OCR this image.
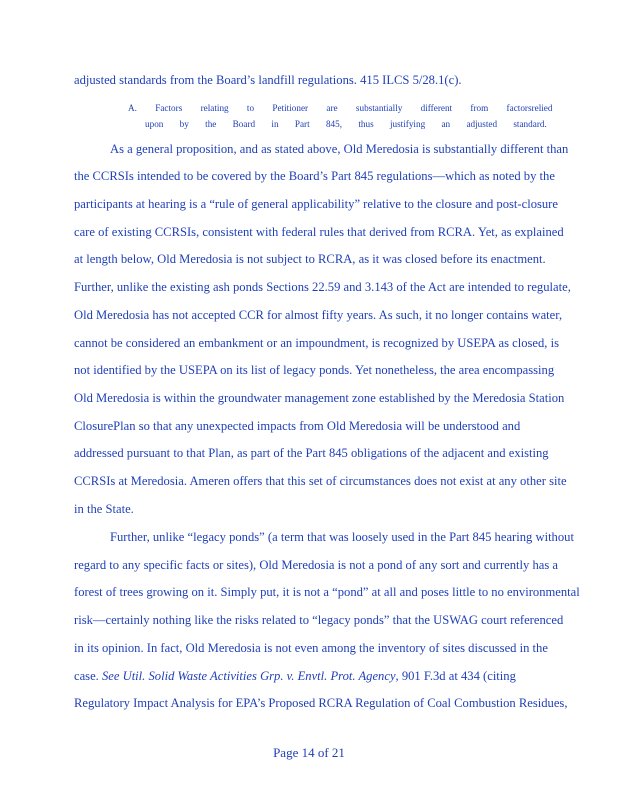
adjusted standards from the Board’s landfill regulations. 415 ILCS 5/28.1(c).
A. Factors relating to Petitioner are substantially different from factorsrelied
upon by the Board in Part 845, thus justifying an adjusted standard.
As a general proposition, and as stated above, Old Meredosia is substantially different than
the CCRSIs intended to be covered by the Board’s Part 845 regulations—which as noted by the
participants at hearing is a “rule of general applicability” relative to the closure and post-closure
care of existing CCRSIs, consistent with federal rules that derived from RCRA. Yet, as explained
at length below, Old Meredosia is not subject to RCRA, as it was closed before its enactment.
Further, unlike the existing ash ponds Sections 22.59 and 3.143 of the Act are intended to regulate,
Old Meredosia has not accepted CCR for almost fifty years. As such, it no longer contains water,
cannot be considered an embankment or an impoundment, is recognized by USEPA as closed, is
not identified by the USEPA on its list of legacy ponds. Yet nonetheless, the area encompassing
Old Meredosia is within the groundwater management zone established by the Meredosia Station
ClosurePlan so that any unexpected impacts from Old Meredosia will be understood and
addressed pursuant to that Plan, as part of the Part 845 obligations of the adjacent and existing
CCRSIs at Meredosia. Ameren offers that this set of circumstances does not exist at any other site
in the State.
Further, unlike “legacy ponds” (a term that was loosely used in the Part 845 hearing without
regard to any specific facts or sites), Old Meredosia is not a pond of any sort and currently has a
forest of trees growing on it. Simply put, it is not a “pond” at all and poses little to no environmental
risk—certainly nothing like the risks related to “legacy ponds” that the USWAG court referenced
in its opinion. In fact, Old Meredosia is not even among the inventory of sites discussed in the
case. See Util. Solid Waste Activities Grp. v. Envtl. Prot. Agency, 901 F.3d at 434 (citing
Regulatory Impact Analysis for EPA’s Proposed RCRA Regulation of Coal Combustion Residues,
Page 14 of 21
